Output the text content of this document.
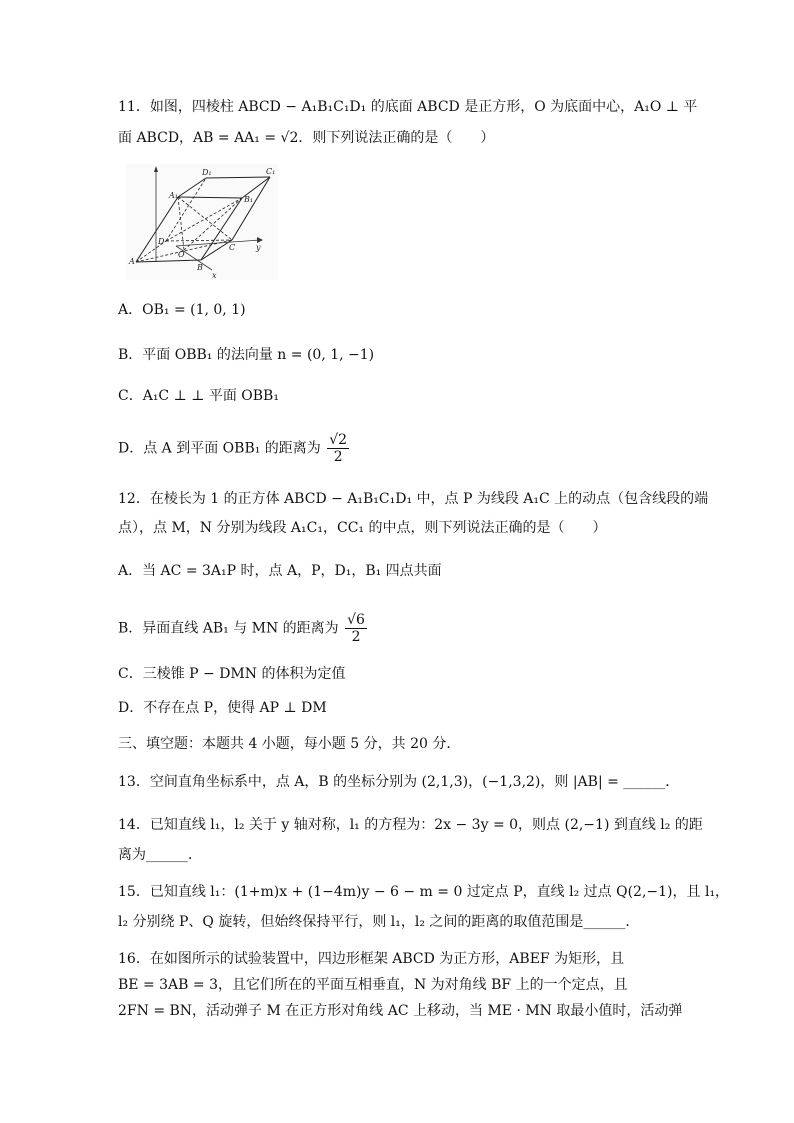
11．如图，四棱柱 ABCD − A₁B₁C₁D₁ 的底面 ABCD 是正方形，O 为底面中心，A₁O ⊥ 平
面 ABCD，AB = AA₁ = √2．则下列说法正确的是（　　）
A₁
D₁	C₁
B₁
A
D
O
B
C	y
x
A．OB₁ = (1, 0, 1)
B．平面 OBB₁ 的法向量 n = (0, 1, −1)
C．A₁C ⊥ ⊥ 平面 OBB₁
D．点 A 到平面 OBB₁ 的距离为 $\frac{√2}{2}$
12．在棱长为 1 的正方体 ABCD − A₁B₁C₁D₁ 中，点 P 为线段 A₁C 上的动点（包含线段的端
点），点 M，N 分别为线段 A₁C₁，CC₁ 的中点，则下列说法正确的是（　　）
A．当 AC = 3A₁P 时，点 A，P，D₁，B₁ 四点共面
B．异面直线 AB₁ 与 MN 的距离为 $\frac{√6}{2}$
C．三棱锥 P − DMN 的体积为定值
D．不存在点 P，使得 AP ⊥ DM
三、填空题：本题共 4 小题，每小题 5 分，共 20 分．
13．空间直角坐标系中，点 A，B 的坐标分别为 (2,1,3)，(−1,3,2)，则 |AB| = ______．
14．已知直线 l₁，l₂ 关于 y 轴对称，l₁ 的方程为：2x − 3y = 0，则点 (2,−1) 到直线 l₂ 的距
离为______．
15．已知直线 l₁：(1+m)x + (1−4m)y − 6 − m = 0 过定点 P，直线 l₂ 过点 Q(2,−1)，且 l₁，
l₂ 分别绕 P、Q 旋转，但始终保持平行，则 l₁，l₂ 之间的距离的取值范围是______．
16．在如图所示的试验装置中，四边形框架 ABCD 为正方形，ABEF 为矩形，且
BE = 3AB = 3，且它们所在的平面互相垂直，N 为对角线 BF 上的一个定点，且
2FN = BN，活动弹子 M 在正方形对角线 AC 上移动，当 ME · MN 取最小值时，活动弹
